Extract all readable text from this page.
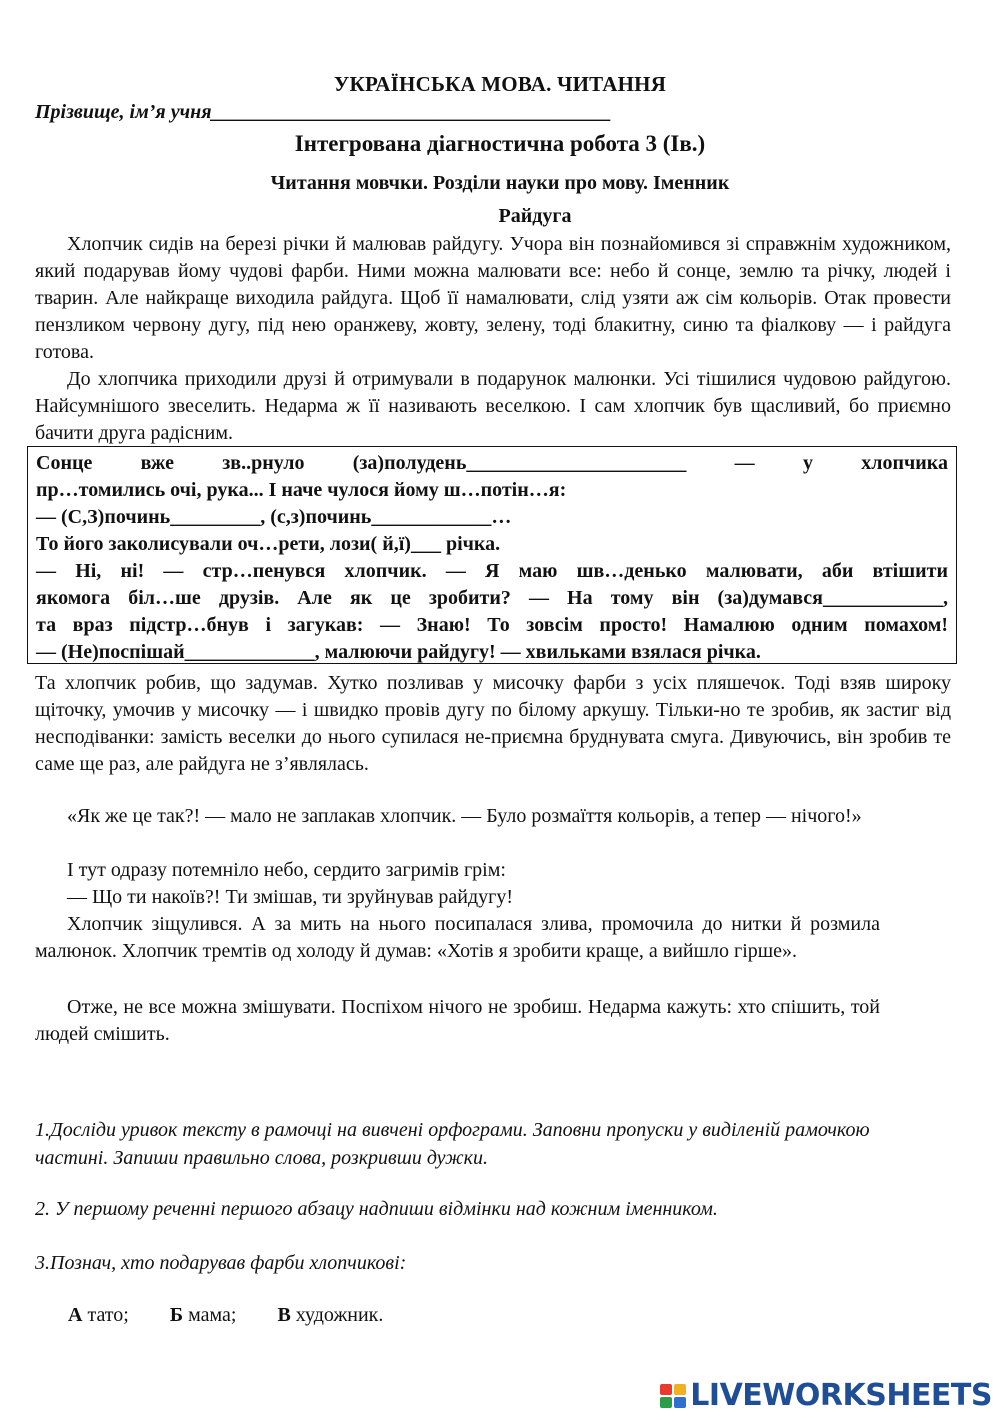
УКРАЇНСЬКА МОВА. ЧИТАННЯ
Прізвище, ім’я учня________________________________________
Інтегрована діагностична робота 3 (Ів.)
Читання мовчки. Розділи науки про мову. Іменник
Райдуга

Хлопчик сидів на березі річки й малював райдугу. Учора він познайомився зі справжнім художником, який подарував йому чудові фарби. Ними можна малювати все: небо й сонце, землю та річку, людей і тварин. Але найкраще виходила райдуга. Щоб її намалювати, слід узяти аж сім кольорів. Отак провести пензликом червону дугу, під нею оранжеву, жовту, зелену, тоді блакитну, синю та фіалкову — і райдуга готова.

До хлопчика приходили друзі й отримували в подарунок малюнки. Усі тішилися чудовою райдугою. Найсумнішого звеселить. Недарма ж її називають веселкою. І сам хлопчик був щасливий, бо приємно бачити друга радісним.

Сонце вже зв..рнуло (за)полудень______________________ — у хлопчика

пр…томились очі, рука... І наче чулося йому ш…потін…я:

— (С,З)починь_________, (с,з)починь____________…

То його заколисували оч…рети, лози( й,ї)___ річка.

— Ні, ні! — стр…пенувся хлопчик. — Я маю шв…денько малювати, аби втішити

якомога біл…ше друзів. Але як це зробити? — На тому він (за)думався____________,

та враз підстр…бнув і загукав: — Знаю! То зовсім просто! Намалюю одним помахом!

— (Не)поспішай_____________, малюючи райдугу! — хвильками взялася річка.

Та хлопчик робив, що задумав. Хутко позливав у мисочку фарби з усіх пляшечок. Тоді взяв широку щіточку, умочив у мисочку — і швидко провів дугу по білому аркушу. Тільки-но те зробив, як застиг від несподіванки: замість веселки до нього супилася не-приємна бруднувата смуга. Дивуючись, він зробив те саме ще раз, але райдуга не з’являлась.

«Як же це так?! — мало не заплакав хлопчик. — Було розмаїття кольорів, а тепер — нічого!»

І тут одразу потемніло небо, сердито загримів грім:

— Що ти накоїв?! Ти змішав, ти зруйнував райдугу!

Хлопчик зіщулився. А за мить на нього посипалася злива, промочила до нитки й розмила малюнок. Хлопчик тремтів од холоду й думав: «Хотів я зробити краще, а вийшло гірше».

Отже, не все можна змішувати. Поспіхом нічого не зробиш. Недарма кажуть: хто спішить, той людей смішить.

1.Досліди уривок тексту в рамочці на вивчені орфограми. Заповни пропуски у виділеній рамочкою частині. Запиши правильно слова, розкривши дужки.

2. У першому реченні першого абзацу надпиши відмінки над кожним іменником.

3.Познач, хто подарував фарби хлопчикові:

А тато; Б мама; В художник.
LIVEWORKSHEETS
